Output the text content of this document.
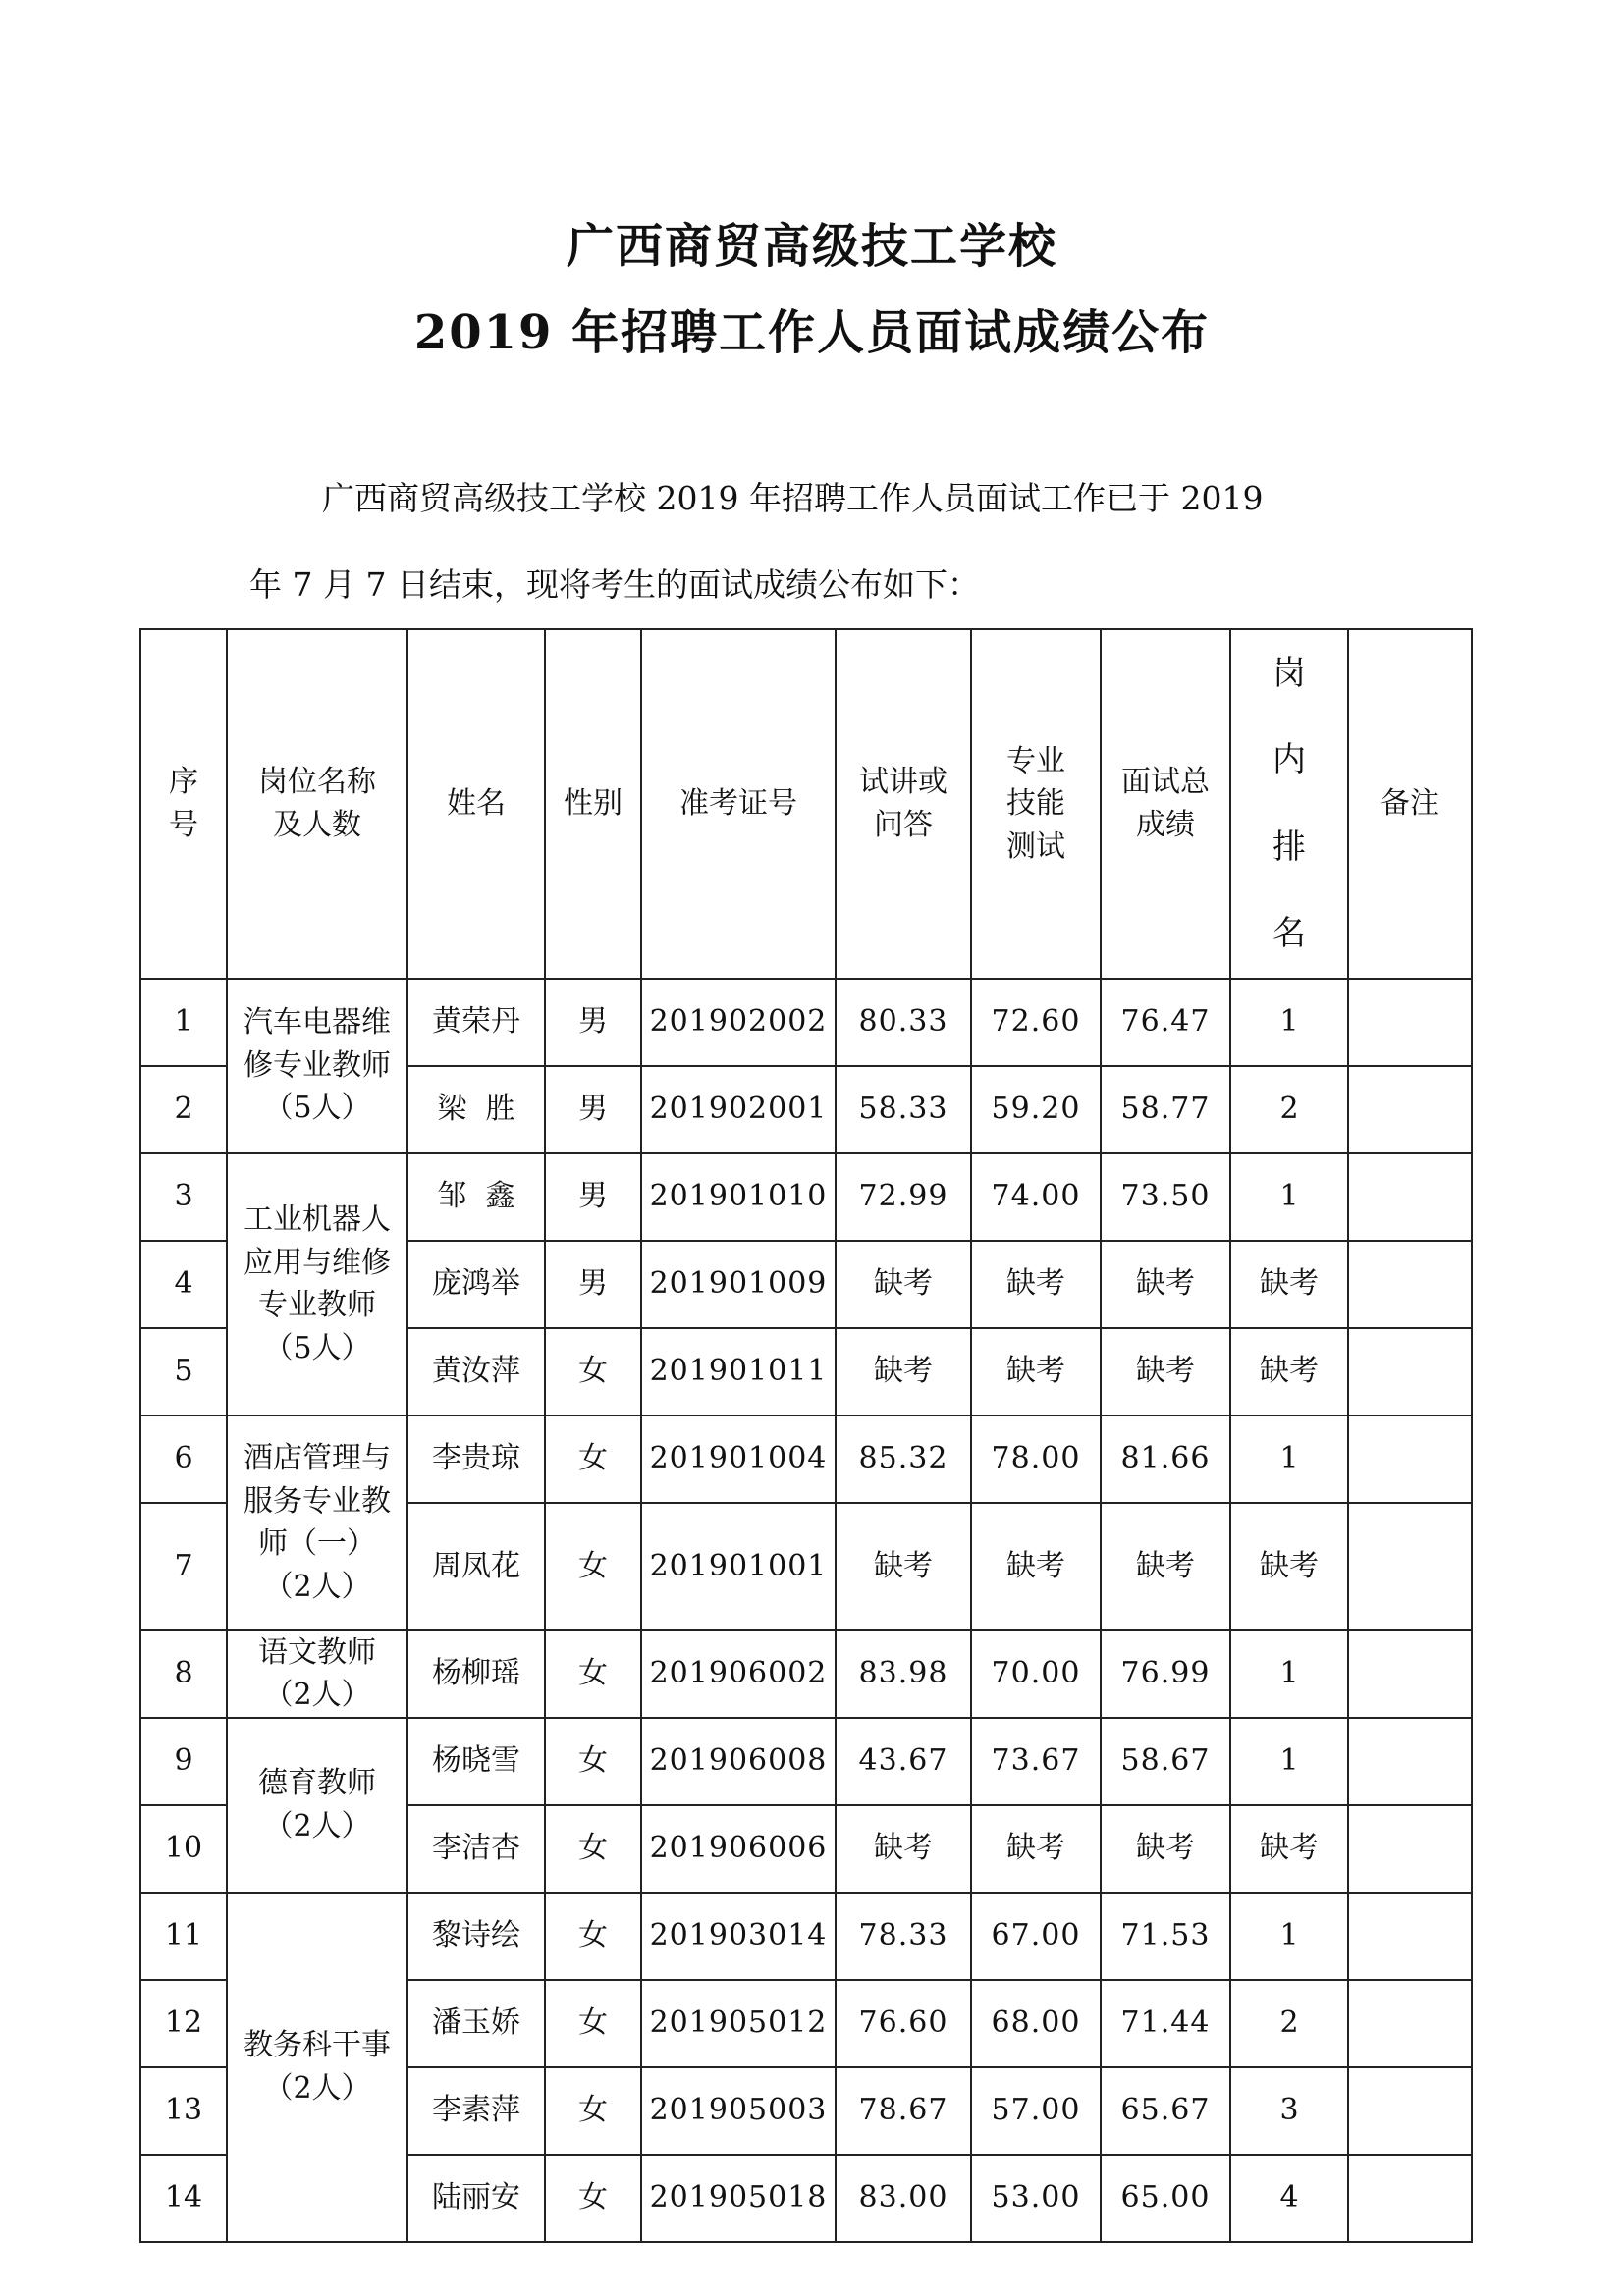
广西商贸高级技工学校
2019 年招聘工作人员面试成绩公布
广西商贸高级技工学校 2019 年招聘工作人员面试工作已于 2019
年 7 月 7 日结束，现将考生的面试成绩公布如下：
序号	岗位名称及人数	姓名	性别	准考证号	试讲或问答	专业技能测试	面试总成绩	岗内排名	备注
1	汽车电器维修专业教师（5人）	黄荣丹	男	201902002	80.33	72.60	76.47	1	
2		梁  胜	男	201902001	58.33	59.20	58.77	2	
3	工业机器人应用与维修专业教师（5人）	邹  鑫	男	201901010	72.99	74.00	73.50	1	
4		庞鸿举	男	201901009	缺考	缺考	缺考	缺考	
5		黄汝萍	女	201901011	缺考	缺考	缺考	缺考	
6	酒店管理与服务专业教师（一）（2人）	李贵琼	女	201901004	85.32	78.00	81.66	1	
7		周凤花	女	201901001	缺考	缺考	缺考	缺考	
8	语文教师（2人）	杨柳瑶	女	201906002	83.98	70.00	76.99	1	
9	德育教师（2人）	杨晓雪	女	201906008	43.67	73.67	58.67	1	
10		李洁杏	女	201906006	缺考	缺考	缺考	缺考	
11	教务科干事（2人）	黎诗绘	女	201903014	78.33	67.00	71.53	1	
12		潘玉娇	女	201905012	76.60	68.00	71.44	2	
13		李素萍	女	201905003	78.67	57.00	65.67	3	
14		陆丽安	女	201905018	83.00	53.00	65.00	4	
